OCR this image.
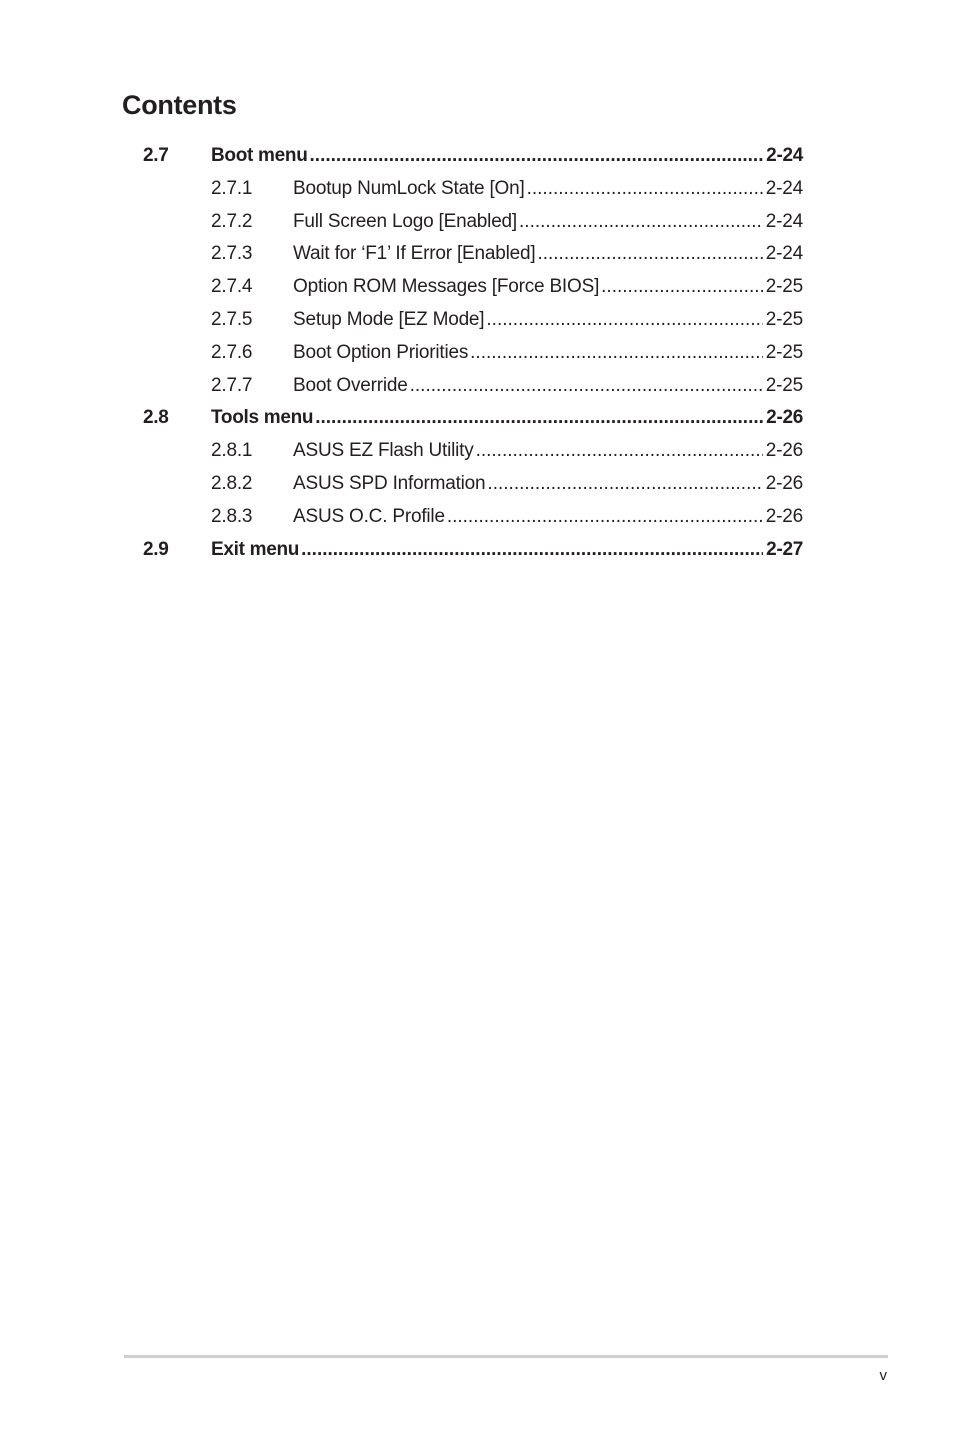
Contents
2.7 Boot menu .....	2-24
2.7.1 Bootup NumLock State [On] .....	2-24
2.7.2 Full Screen Logo [Enabled] .....	2-24
2.7.3 Wait for ‘F1’ If Error [Enabled] .....	2-24
2.7.4 Option ROM Messages [Force BIOS] .....	2-25
2.7.5 Setup Mode [EZ Mode] .....	2-25
2.7.6 Boot Option Priorities .....	2-25
2.7.7 Boot Override .....	2-25
2.8 Tools menu .....	2-26
2.8.1 ASUS EZ Flash Utility .....	2-26
2.8.2 ASUS SPD Information .....	2-26
2.8.3 ASUS O.C. Profile .....	2-26
2.9 Exit menu .....	2-27
v
